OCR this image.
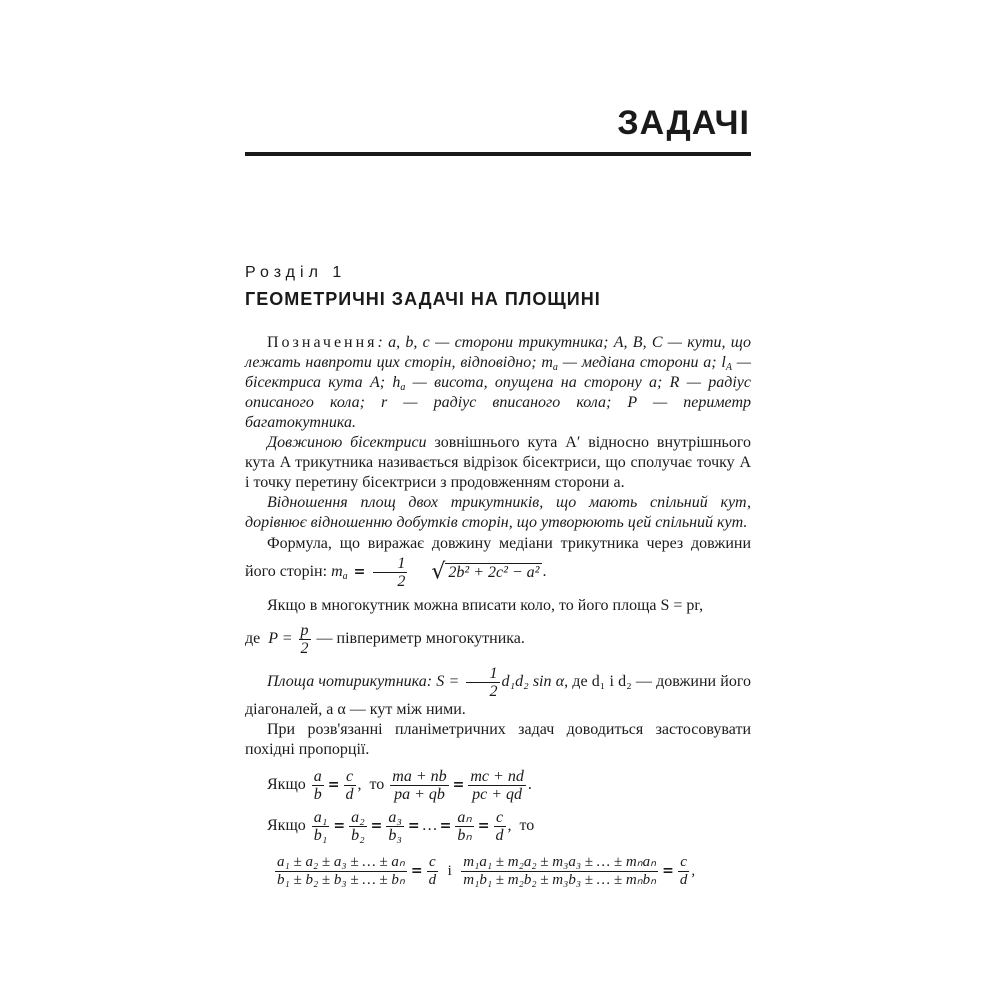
ЗАДАЧІ
Розділ 1
ГЕОМЕТРИЧНІ ЗАДАЧІ НА ПЛОЩИНІ

Позначення: a, b, c — сторони трикутника; A, B, C — кути, що лежать навпроти цих сторін, відповідно; $m_a$ — медіана сторони a; $l_A$ — бісектриса кута A; $h_a$ — висота, опущена на сторону a; R — радіус описаного кола; r — радіус вписаного кола; P — периметр багатокутника.

Довжиною бісектриси зовнішнього кута A′ відносно внутрішнього кута A трикутника називається відрізок бісектриси, що сполучає точку A і точку перетину бісектриси з продовженням сторони a.

Відношення площ двох трикутників, що мають спільний кут, дорівнює відношенню добутків сторін, що утворюють цей спільний кут.

Формула, що виражає довжину медіани трикутника через довжини його сторін: $m_a = \frac{1}{2}$ √ 2b² + 2c² − a² .

Якщо в многокутник можна вписати коло, то його площа S = pr,

де $P = \frac{p}{2}$ — півпериметр многокутника.

Площа чотирикутника: $S = \frac{1}{2} d_1d_2$ sin α, де d₁ і d₂ — довжини його діагоналей, а α — кут між ними.

При розв'язанні планіметричних задач доводиться застосовувати похідні пропорції.

Якщо $\frac{a}{b} = \frac{c}{d}$ ,  то $\frac{ma + nb}{pa + qb} = \frac{mc + nd}{pc + qd}$ .

Якщо $\frac{\text{a₁}}{\text{b₁}} = \frac{\text{a₂}}{\text{b₂}} = \frac{\text{a₃}}{\text{b₃}}$ = … = $\frac{\text{aₙ}}{\text{bₙ}} = \frac{c}{d}$ ,  то

$\frac{\text{a₁ ± a₂ ± a₃ ± … ± aₙ}}{\text{b₁ ± b₂ ± b₃ ± … ± bₙ}} = \frac{c}{d}$ і $\frac{\text{m₁a₁ ± m₂a₂ ± m₃a₃ ± … ± mₙaₙ}}{\text{m₁b₁ ± m₂b₂ ± m₃b₃ ± … ± mₙbₙ}} = \frac{c}{d}$ ,
